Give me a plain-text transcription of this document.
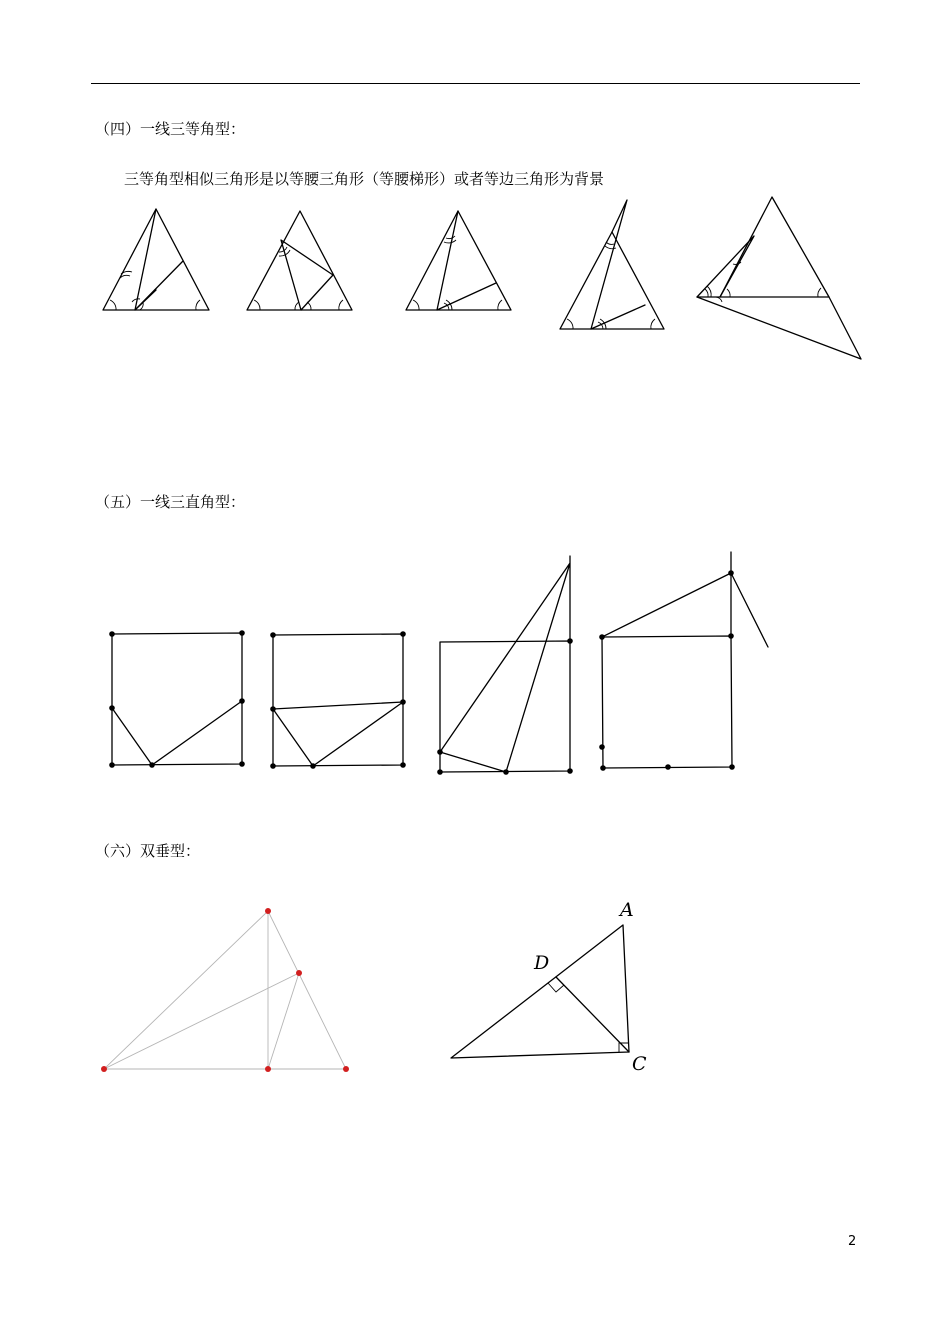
（四）一线三等角型：
三等角型相似三角形是以等腰三角形（等腰梯形）或者等边三角形为背景
（五）一线三直角型：
（六）双垂型：
A
D
C
2
